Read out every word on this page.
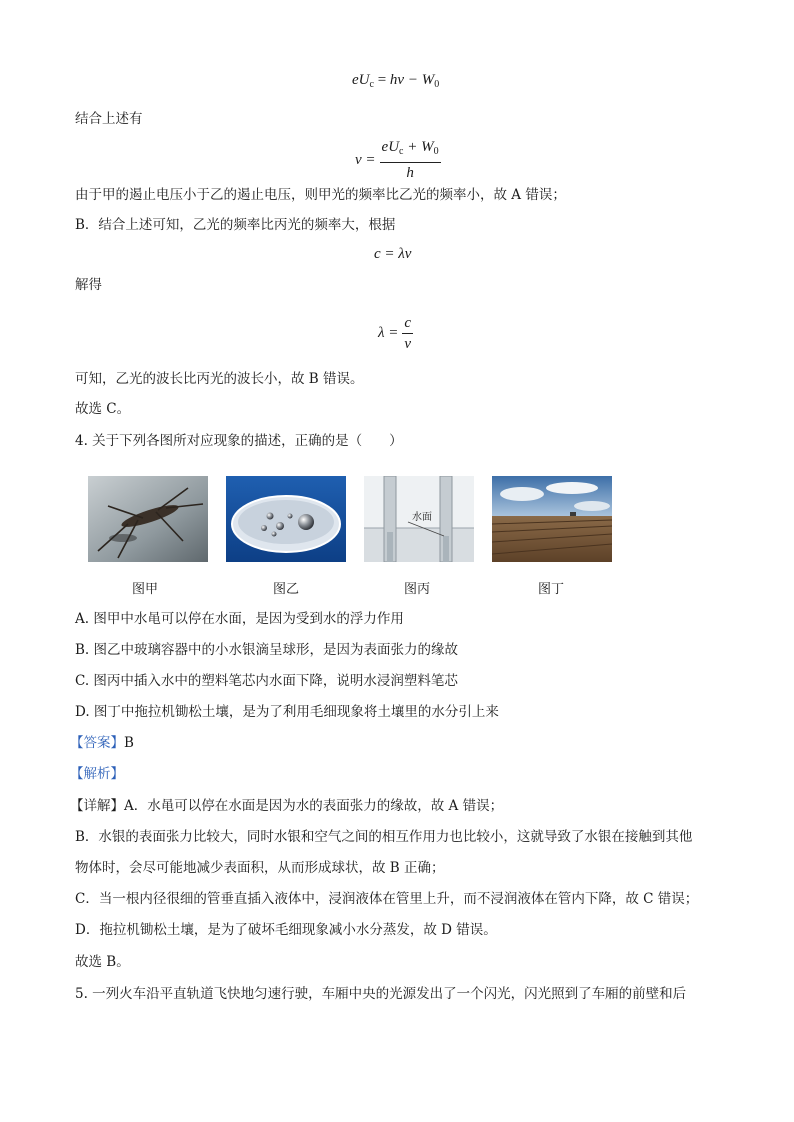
$eU_c = h\nu - W_0$
结合上述有
$\nu = \frac{eU_c + W_0}{h}$
由于甲的遏止电压小于乙的遏止电压，则甲光的频率比乙光的频率小，故 A 错误；
B．结合上述可知，乙光的频率比丙光的频率大，根据
c = λν
解得
$\lambda = \frac{c}{\nu}$
可知，乙光的波长比丙光的波长小，故 B 错误。
故选 C。
4. 关于下列各图所对应现象的描述，正确的是（　　）
水面
图甲	图乙	图丙	图丁
A. 图甲中水黾可以停在水面，是因为受到水的浮力作用
B. 图乙中玻璃容器中的小水银滴呈球形，是因为表面张力的缘故
C. 图丙中插入水中的塑料笔芯内水面下降，说明水浸润塑料笔芯
D. 图丁中拖拉机锄松土壤，是为了利用毛细现象将土壤里的水分引上来
【答案】B
【解析】
【详解】A．水黾可以停在水面是因为水的表面张力的缘故，故 A 错误；
B．水银的表面张力比较大，同时水银和空气之间的相互作用力也比较小，这就导致了水银在接触到其他
物体时，会尽可能地减少表面积，从而形成球状，故 B 正确；
C．当一根内径很细的管垂直插入液体中，浸润液体在管里上升，而不浸润液体在管内下降，故 C 错误；
D．拖拉机锄松土壤，是为了破坏毛细现象减小水分蒸发，故 D 错误。
故选 B。
5. 一列火车沿平直轨道飞快地匀速行驶，车厢中央的光源发出了一个闪光，闪光照到了车厢的前壁和后
